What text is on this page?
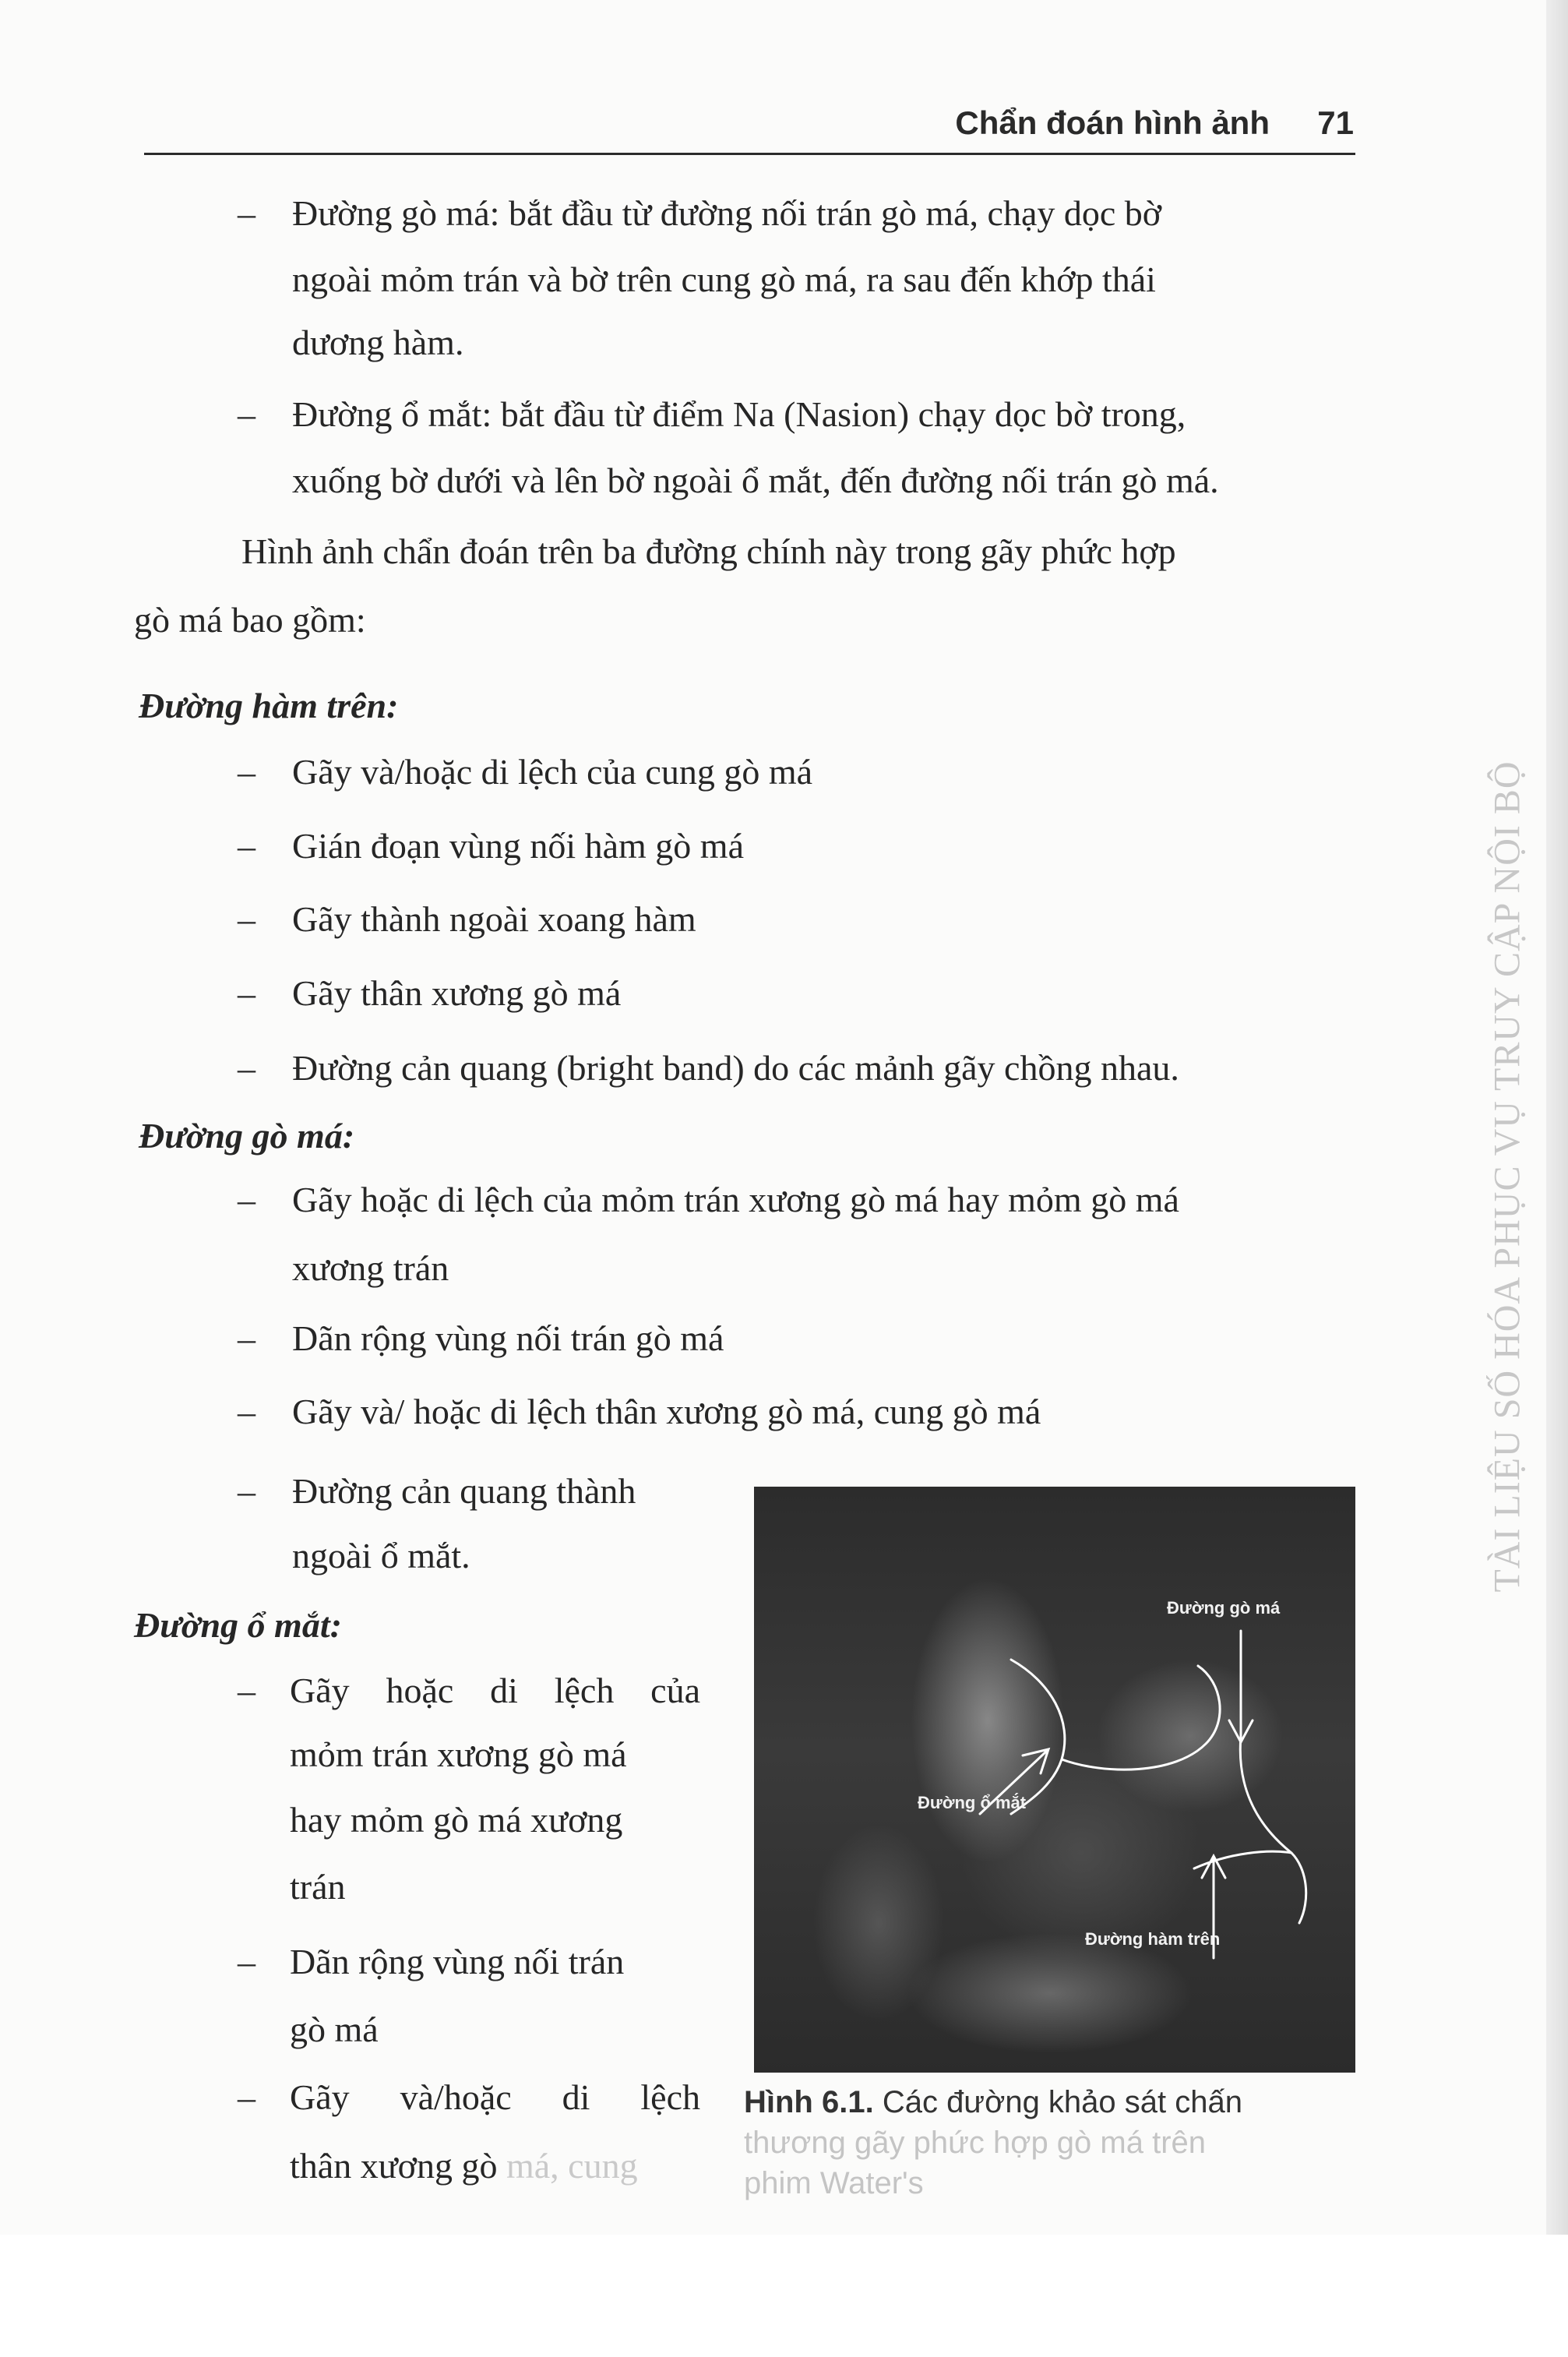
Chẩn đoán hình ảnh 71
– Đường gò má: bắt đầu từ đường nối trán gò má, chạy dọc bờ
ngoài mỏm trán và bờ trên cung gò má, ra sau đến khớp thái
dương hàm.
– Đường ổ mắt: bắt đầu từ điểm Na (Nasion) chạy dọc bờ trong,
xuống bờ dưới và lên bờ ngoài ổ mắt, đến đường nối trán gò má.
Hình ảnh chẩn đoán trên ba đường chính này trong gãy phức hợp
gò má bao gồm:
Đường hàm trên:
– Gãy và/hoặc di lệch của cung gò má
– Gián đoạn vùng nối hàm gò má
– Gãy thành ngoài xoang hàm
– Gãy thân xương gò má
– Đường cản quang (bright band) do các mảnh gãy chồng nhau.
Đường gò má:
– Gãy hoặc di lệch của mỏm trán xương gò má hay mỏm gò má
xương trán
– Dãn rộng vùng nối trán gò má
– Gãy và/ hoặc di lệch thân xương gò má, cung gò má
– Đường cản quang thành
ngoài ổ mắt.
Đường ổ mắt:
– Gãy hoặc di lệch của
mỏm trán xương gò má
hay mỏm gò má xương
trán
– Dãn rộng vùng nối trán
gò má
– Gãy và/hoặc di lệch
thân xương gò má, cung
Đường gò má
Đường ổ mắt
Đường hàm trên
Hình 6.1. Các đường khảo sát chấn
thương gãy phức hợp gò má trên
phim Water's
TÀI LIỆU SỐ HÓA PHỤC VỤ TRUY CẬP NỘI BỘ
